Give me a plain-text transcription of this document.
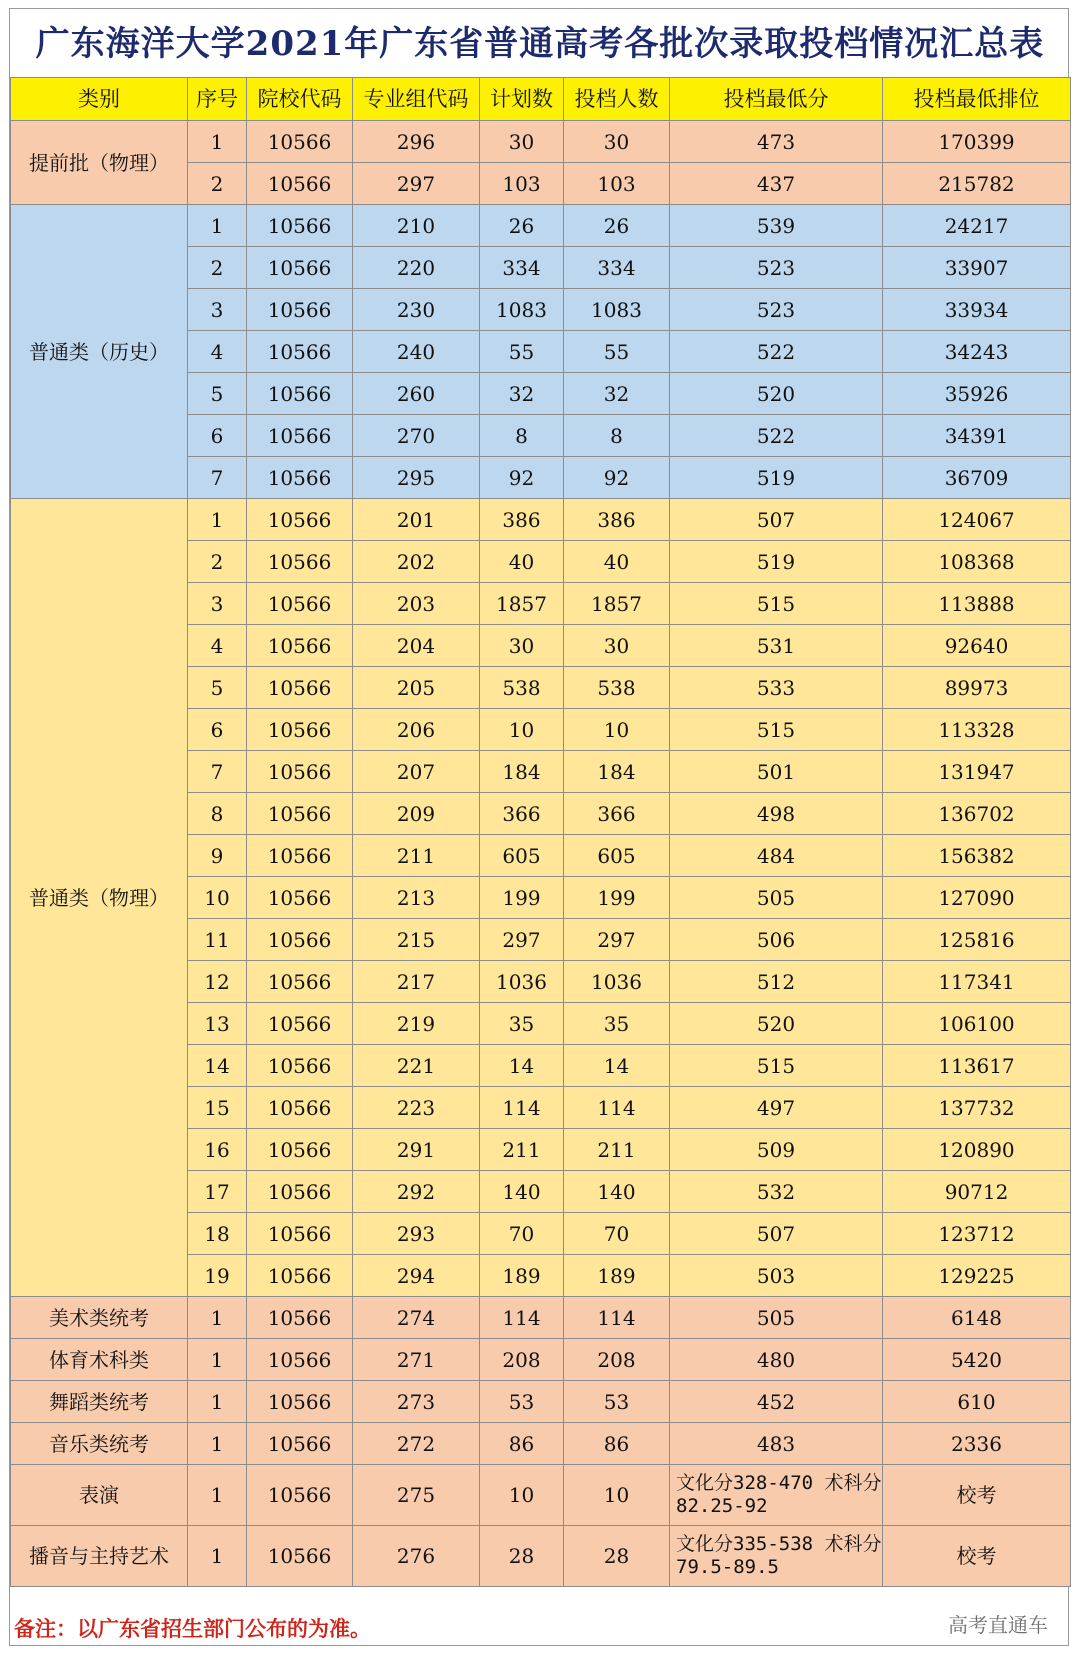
广东海洋大学2021年广东省普通高考各批次录取投档情况汇总表
类别	序号	院校代码	专业组代码	计划数	投档人数	投档最低分	投档最低排位
提前批（物理）	1	10566	296	30	30	473	170399
	2	10566	297	103	103	437	215782
普通类（历史）	1	10566	210	26	26	539	24217
	2	10566	220	334	334	523	33907
	3	10566	230	1083	1083	523	33934
	4	10566	240	55	55	522	34243
	5	10566	260	32	32	520	35926
	6	10566	270	8	8	522	34391
	7	10566	295	92	92	519	36709
普通类（物理）	1	10566	201	386	386	507	124067
	2	10566	202	40	40	519	108368
	3	10566	203	1857	1857	515	113888
	4	10566	204	30	30	531	92640
	5	10566	205	538	538	533	89973
	6	10566	206	10	10	515	113328
	7	10566	207	184	184	501	131947
	8	10566	209	366	366	498	136702
	9	10566	211	605	605	484	156382
	10	10566	213	199	199	505	127090
	11	10566	215	297	297	506	125816
	12	10566	217	1036	1036	512	117341
	13	10566	219	35	35	520	106100
	14	10566	221	14	14	515	113617
	15	10566	223	114	114	497	137732
	16	10566	291	211	211	509	120890
	17	10566	292	140	140	532	90712
	18	10566	293	70	70	507	123712
	19	10566	294	189	189	503	129225
美术类统考	1	10566	274	114	114	505	6148
体育术科类	1	10566	271	208	208	480	5420
舞蹈类统考	1	10566	273	53	53	452	610
音乐类统考	1	10566	272	86	86	483	2336
表演	1	10566	275	10	10	文化分328-470 术科分82.25-92	校考
播音与主持艺术	1	10566	276	28	28	文化分335-538 术科分79.5-89.5	校考
备注：以广东省招生部门公布的为准。	高考直通车
